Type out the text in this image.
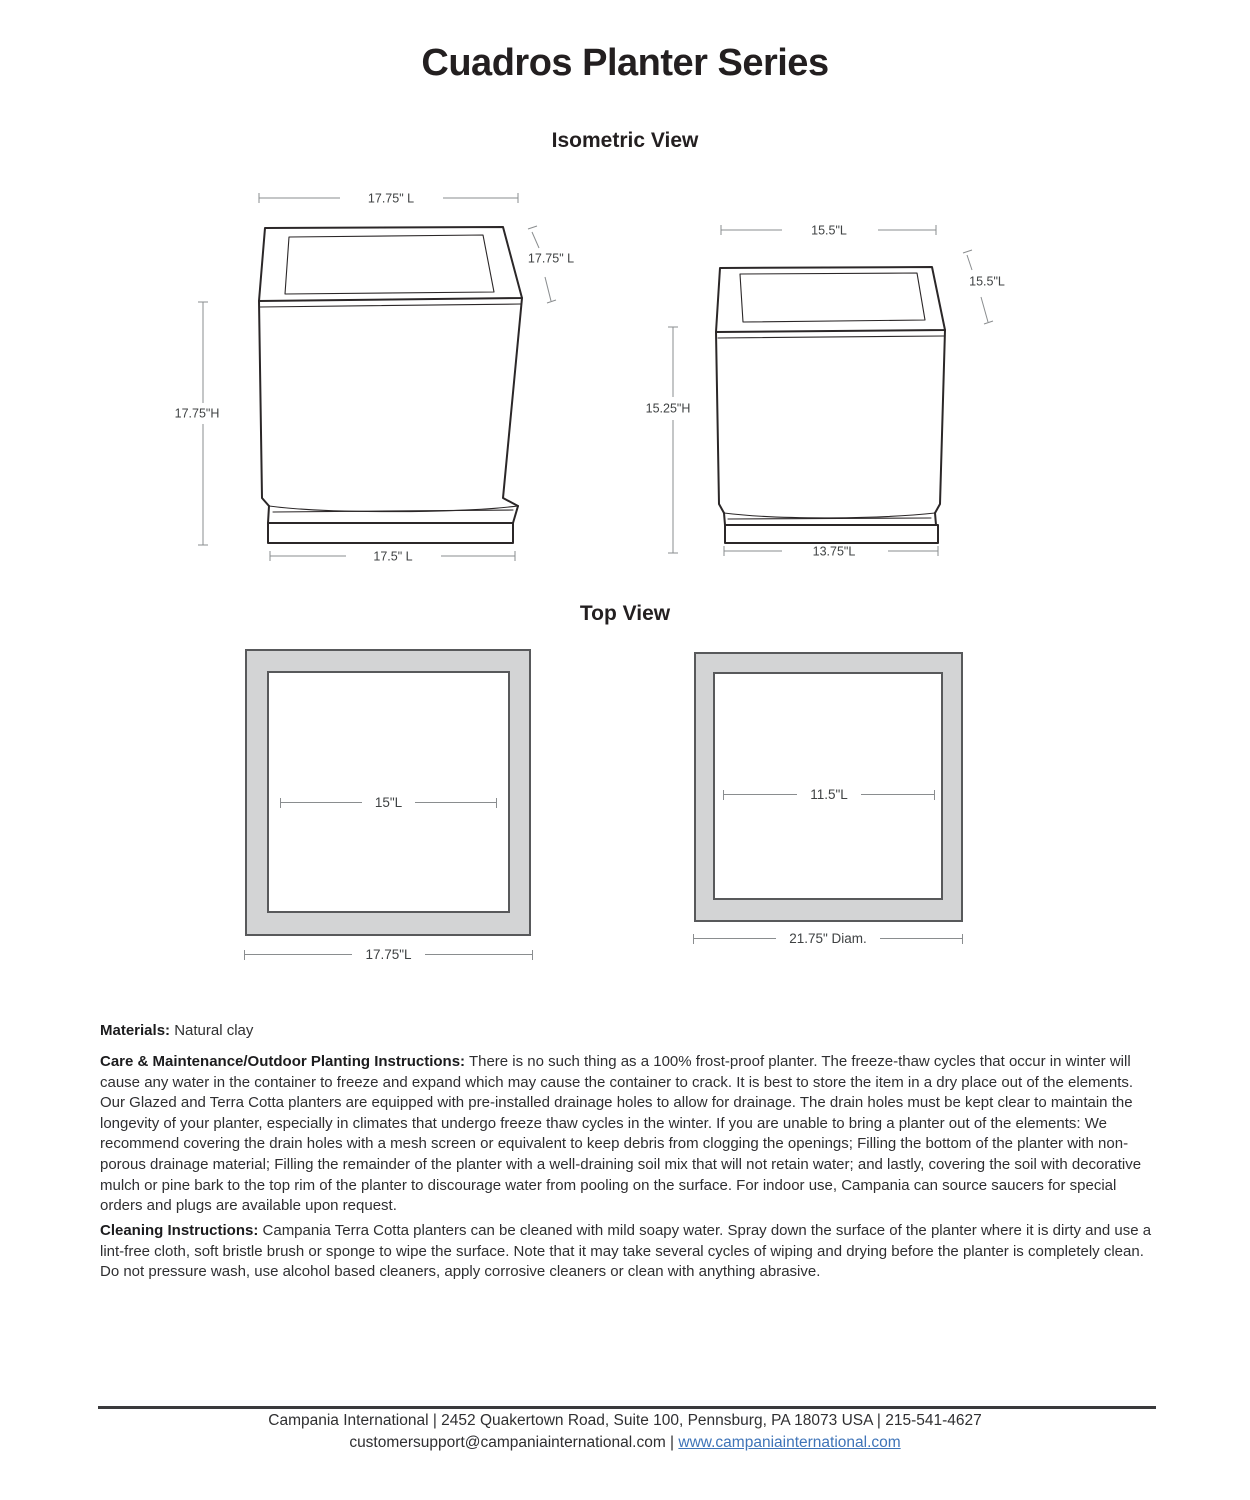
Cuadros Planter Series
Isometric View
17.75" L
17.75"H
17.75" L
17.5" L
15.5"L
15.25"H
15.5"L
13.75"L
Top View
15"L
17.75"L
11.5"L
21.75" Diam.
Materials: Natural clay
Care & Maintenance/Outdoor Planting Instructions: There is no such thing as a 100% frost-proof planter. The freeze-thaw cycles that occur in winter will cause any water in the container to freeze and expand which may cause the container to crack. It is best to store the item in a dry place out of the elements. Our Glazed and Terra Cotta planters are equipped with pre-installed drainage holes to allow for drainage. The drain holes must be kept clear to maintain the longevity of your planter, especially in climates that undergo freeze thaw cycles in the winter. If you are unable to bring a planter out of the elements: We recommend covering the drain holes with a mesh screen or equivalent to keep debris from clogging the openings; Filling the bottom of the planter with non-porous drainage material; Filling the remainder of the planter with a well-draining soil mix that will not retain water; and lastly, covering the soil with decorative mulch or pine bark to the top rim of the planter to discourage water from pooling on the surface. For indoor use, Campania can source saucers for special orders and plugs are available upon request.
Cleaning Instructions: Campania Terra Cotta planters can be cleaned with mild soapy water. Spray down the surface of the planter where it is dirty and use a lint-free cloth, soft bristle brush or sponge to wipe the surface. Note that it may take several cycles of wiping and drying before the planter is completely clean. Do not pressure wash, use alcohol based cleaners, apply corrosive cleaners or clean with anything abrasive.
Campania International | 2452 Quakertown Road, Suite 100, Pennsburg, PA 18073 USA | 215-541-4627
customersupport@campaniainternational.com | www.campaniainternational.com
